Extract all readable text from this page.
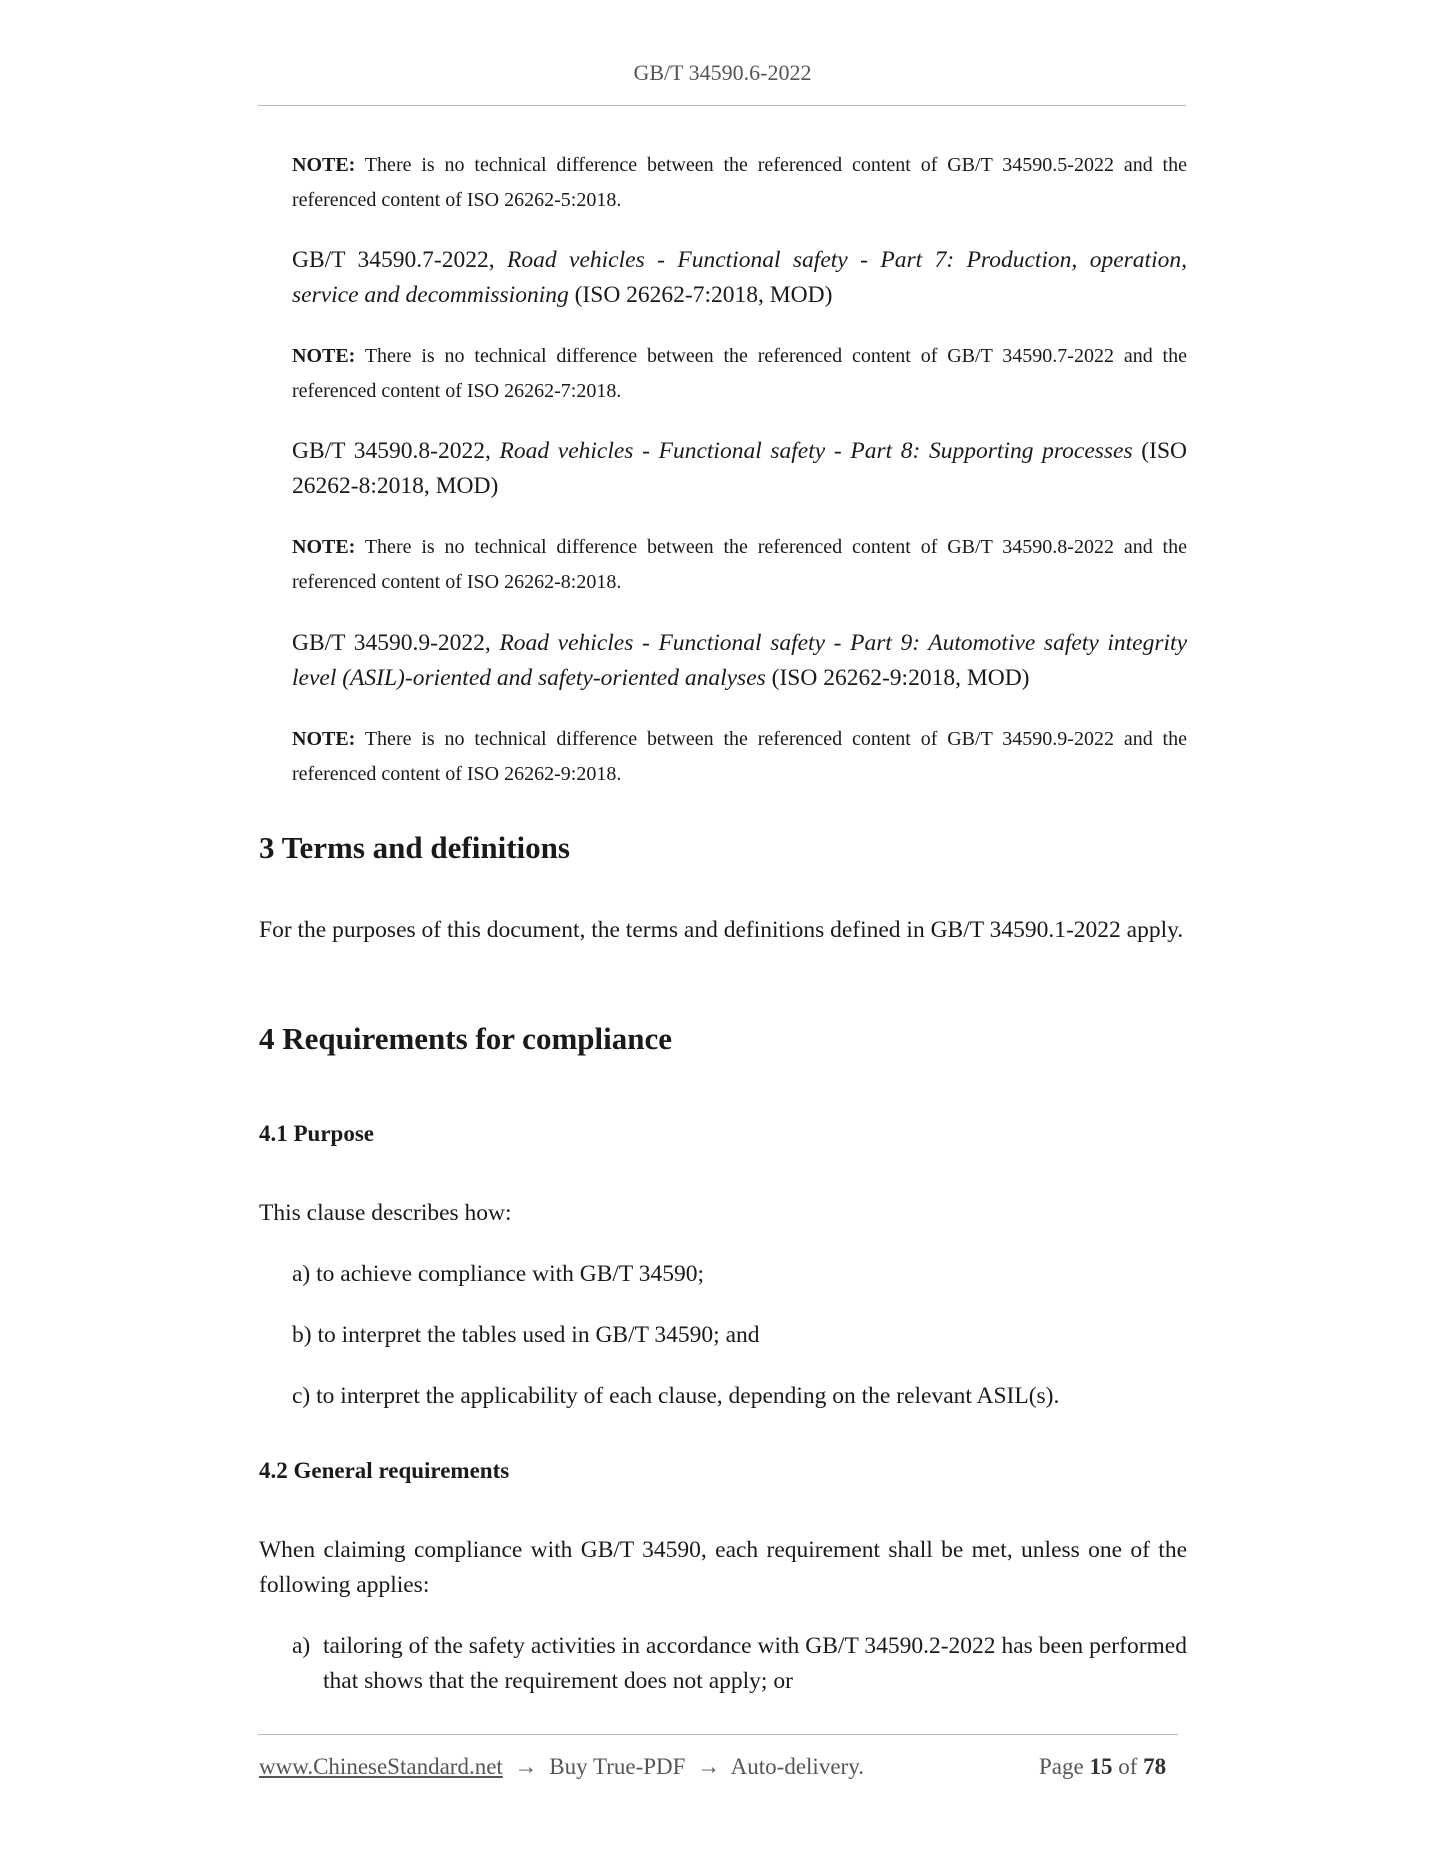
GB/T 34590.6-2022
NOTE: There is no technical difference between the referenced content of GB/T 34590.5-2022 and the referenced content of ISO 26262-5:2018.
GB/T 34590.7-2022, Road vehicles - Functional safety - Part 7: Production, operation, service and decommissioning (ISO 26262-7:2018, MOD)
NOTE: There is no technical difference between the referenced content of GB/T 34590.7-2022 and the referenced content of ISO 26262-7:2018.
GB/T 34590.8-2022, Road vehicles - Functional safety - Part 8: Supporting processes (ISO 26262-8:2018, MOD)
NOTE: There is no technical difference between the referenced content of GB/T 34590.8-2022 and the referenced content of ISO 26262-8:2018.
GB/T 34590.9-2022, Road vehicles - Functional safety - Part 9: Automotive safety integrity level (ASIL)-oriented and safety-oriented analyses (ISO 26262-9:2018, MOD)
NOTE: There is no technical difference between the referenced content of GB/T 34590.9-2022 and the referenced content of ISO 26262-9:2018.
3 Terms and definitions
For the purposes of this document, the terms and definitions defined in GB/T 34590.1-2022 apply.
4 Requirements for compliance
4.1 Purpose
This clause describes how:
a) to achieve compliance with GB/T 34590;
b) to interpret the tables used in GB/T 34590; and
c) to interpret the applicability of each clause, depending on the relevant ASIL(s).
4.2 General requirements
When claiming compliance with GB/T 34590, each requirement shall be met, unless one of the following applies:
a) tailoring of the safety activities in accordance with GB/T 34590.2-2022 has been performed that shows that the requirement does not apply; or
www.ChineseStandard.net → Buy True-PDF → Auto-delivery.	Page 15 of 78
